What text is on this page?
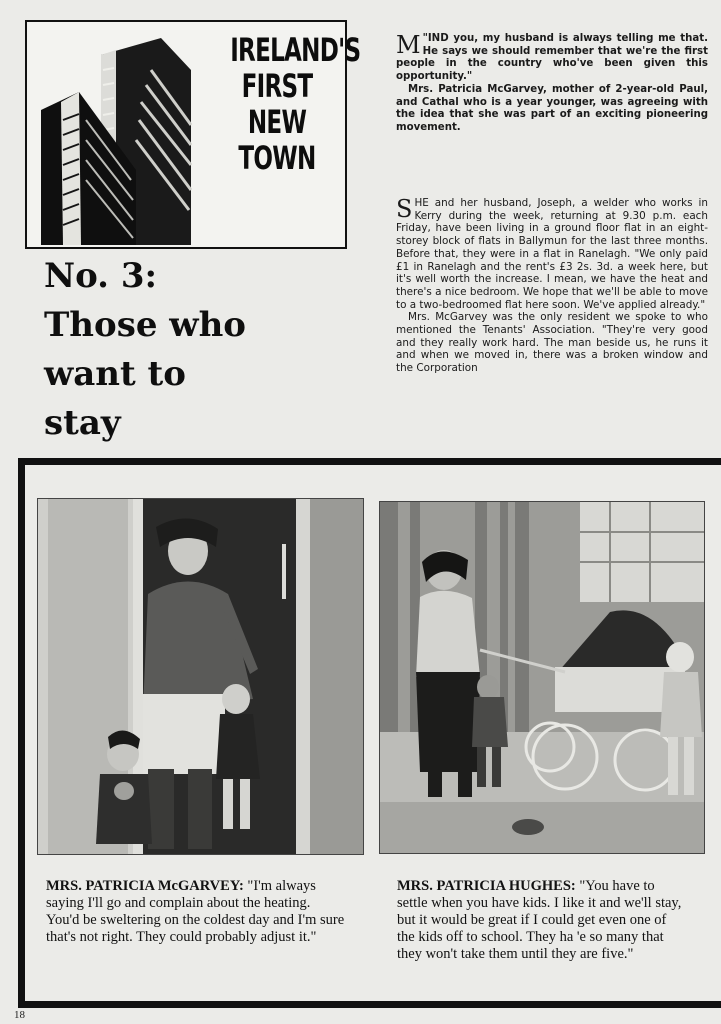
IRELAND'S
FIRST
NEW
TOWN
No. 3:
Those who
want to
stay

"
M IND you, my husband is always telling me that. He says we should remember that we're the first people in the country who've been given this opportunity."

Mrs. Patricia McGarvey, mother of 2-year-old Paul, and Cathal who is a year younger, was agreeing with the idea that she was part of an exciting pioneering movement.

SHE and her husband, Joseph, a welder who works in Kerry during the week, returning at 9.30 p.m. each Friday, have been living in a ground floor flat in an eight-storey block of flats in Ballymun for the last three months. Before that, they were in a flat in Ranelagh. "We only paid £1 in Ranelagh and the rent's £3 2s. 3d. a week here, but it's well worth the increase. I mean, we have the heat and there's a nice bedroom. We hope that we'll be able to move to a two-bedroomed flat here soon. We've applied already."

Mrs. McGarvey was the only resident we spoke to who mentioned the Tenants' Association. "They're very good and they really work hard. The man beside us, he runs it and when we moved in, there was a broken window and the Corporation

MRS. PATRICIA McGARVEY: "I'm always saying I'll go and complain about the heating. You'd be sweltering on the coldest day and I'm sure that's not right. They could probably adjust it."
MRS. PATRICIA HUGHES: "You have to settle when you have kids. I like it and we'll stay, but it would be great if I could get even one of the kids off to school. They ha 'e so many that they won't take them until they are five."
18
